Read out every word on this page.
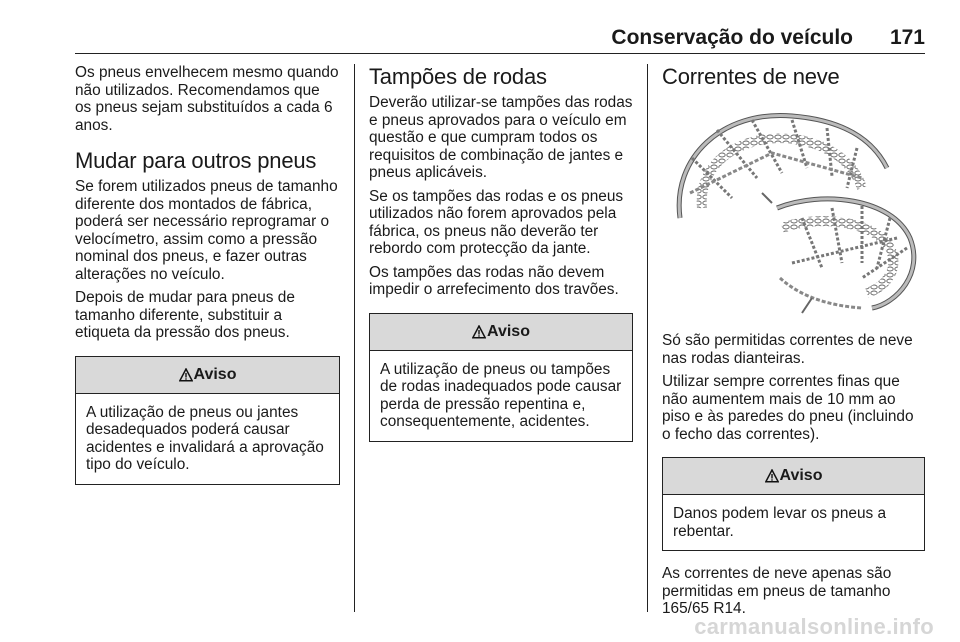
Conservação do veículo 171

Os pneus envelhecem mesmo quando não utilizados. Recomendamos que os pneus sejam substituídos a cada 6 anos.

Mudar para outros pneus

Se forem utilizados pneus de tamanho diferente dos montados de fábrica, poderá ser necessário reprogramar o velocímetro, assim como a pressão nominal dos pneus, e fazer outras alterações no veículo.

Depois de mudar para pneus de tamanho diferente, substituir a etiqueta da pressão dos pneus.

Aviso

A utilização de pneus ou jantes desadequados poderá causar acidentes e invalidará a aprovação tipo do veículo.

Tampões de rodas

Deverão utilizar-se tampões das rodas e pneus aprovados para o veículo em questão e que cumpram todos os requisitos de combinação de jantes e pneus aplicáveis.

Se os tampões das rodas e os pneus utilizados não forem aprovados pela fábrica, os pneus não deverão ter rebordo com protecção da jante.

Os tampões das rodas não devem impedir o arrefecimento dos travões.

Aviso

A utilização de pneus ou tampões de rodas inadequados pode causar perda de pressão repentina e, consequentemente, acidentes.

Correntes de neve

Só são permitidas correntes de neve nas rodas dianteiras.

Utilizar sempre correntes finas que não aumentem mais de 10 mm ao piso e às paredes do pneu (incluindo o fecho das correntes).

Aviso

Danos podem levar os pneus a rebentar.

As correntes de neve apenas são permitidas em pneus de tamanho 165/65 R14.

carmanualsonline.info
